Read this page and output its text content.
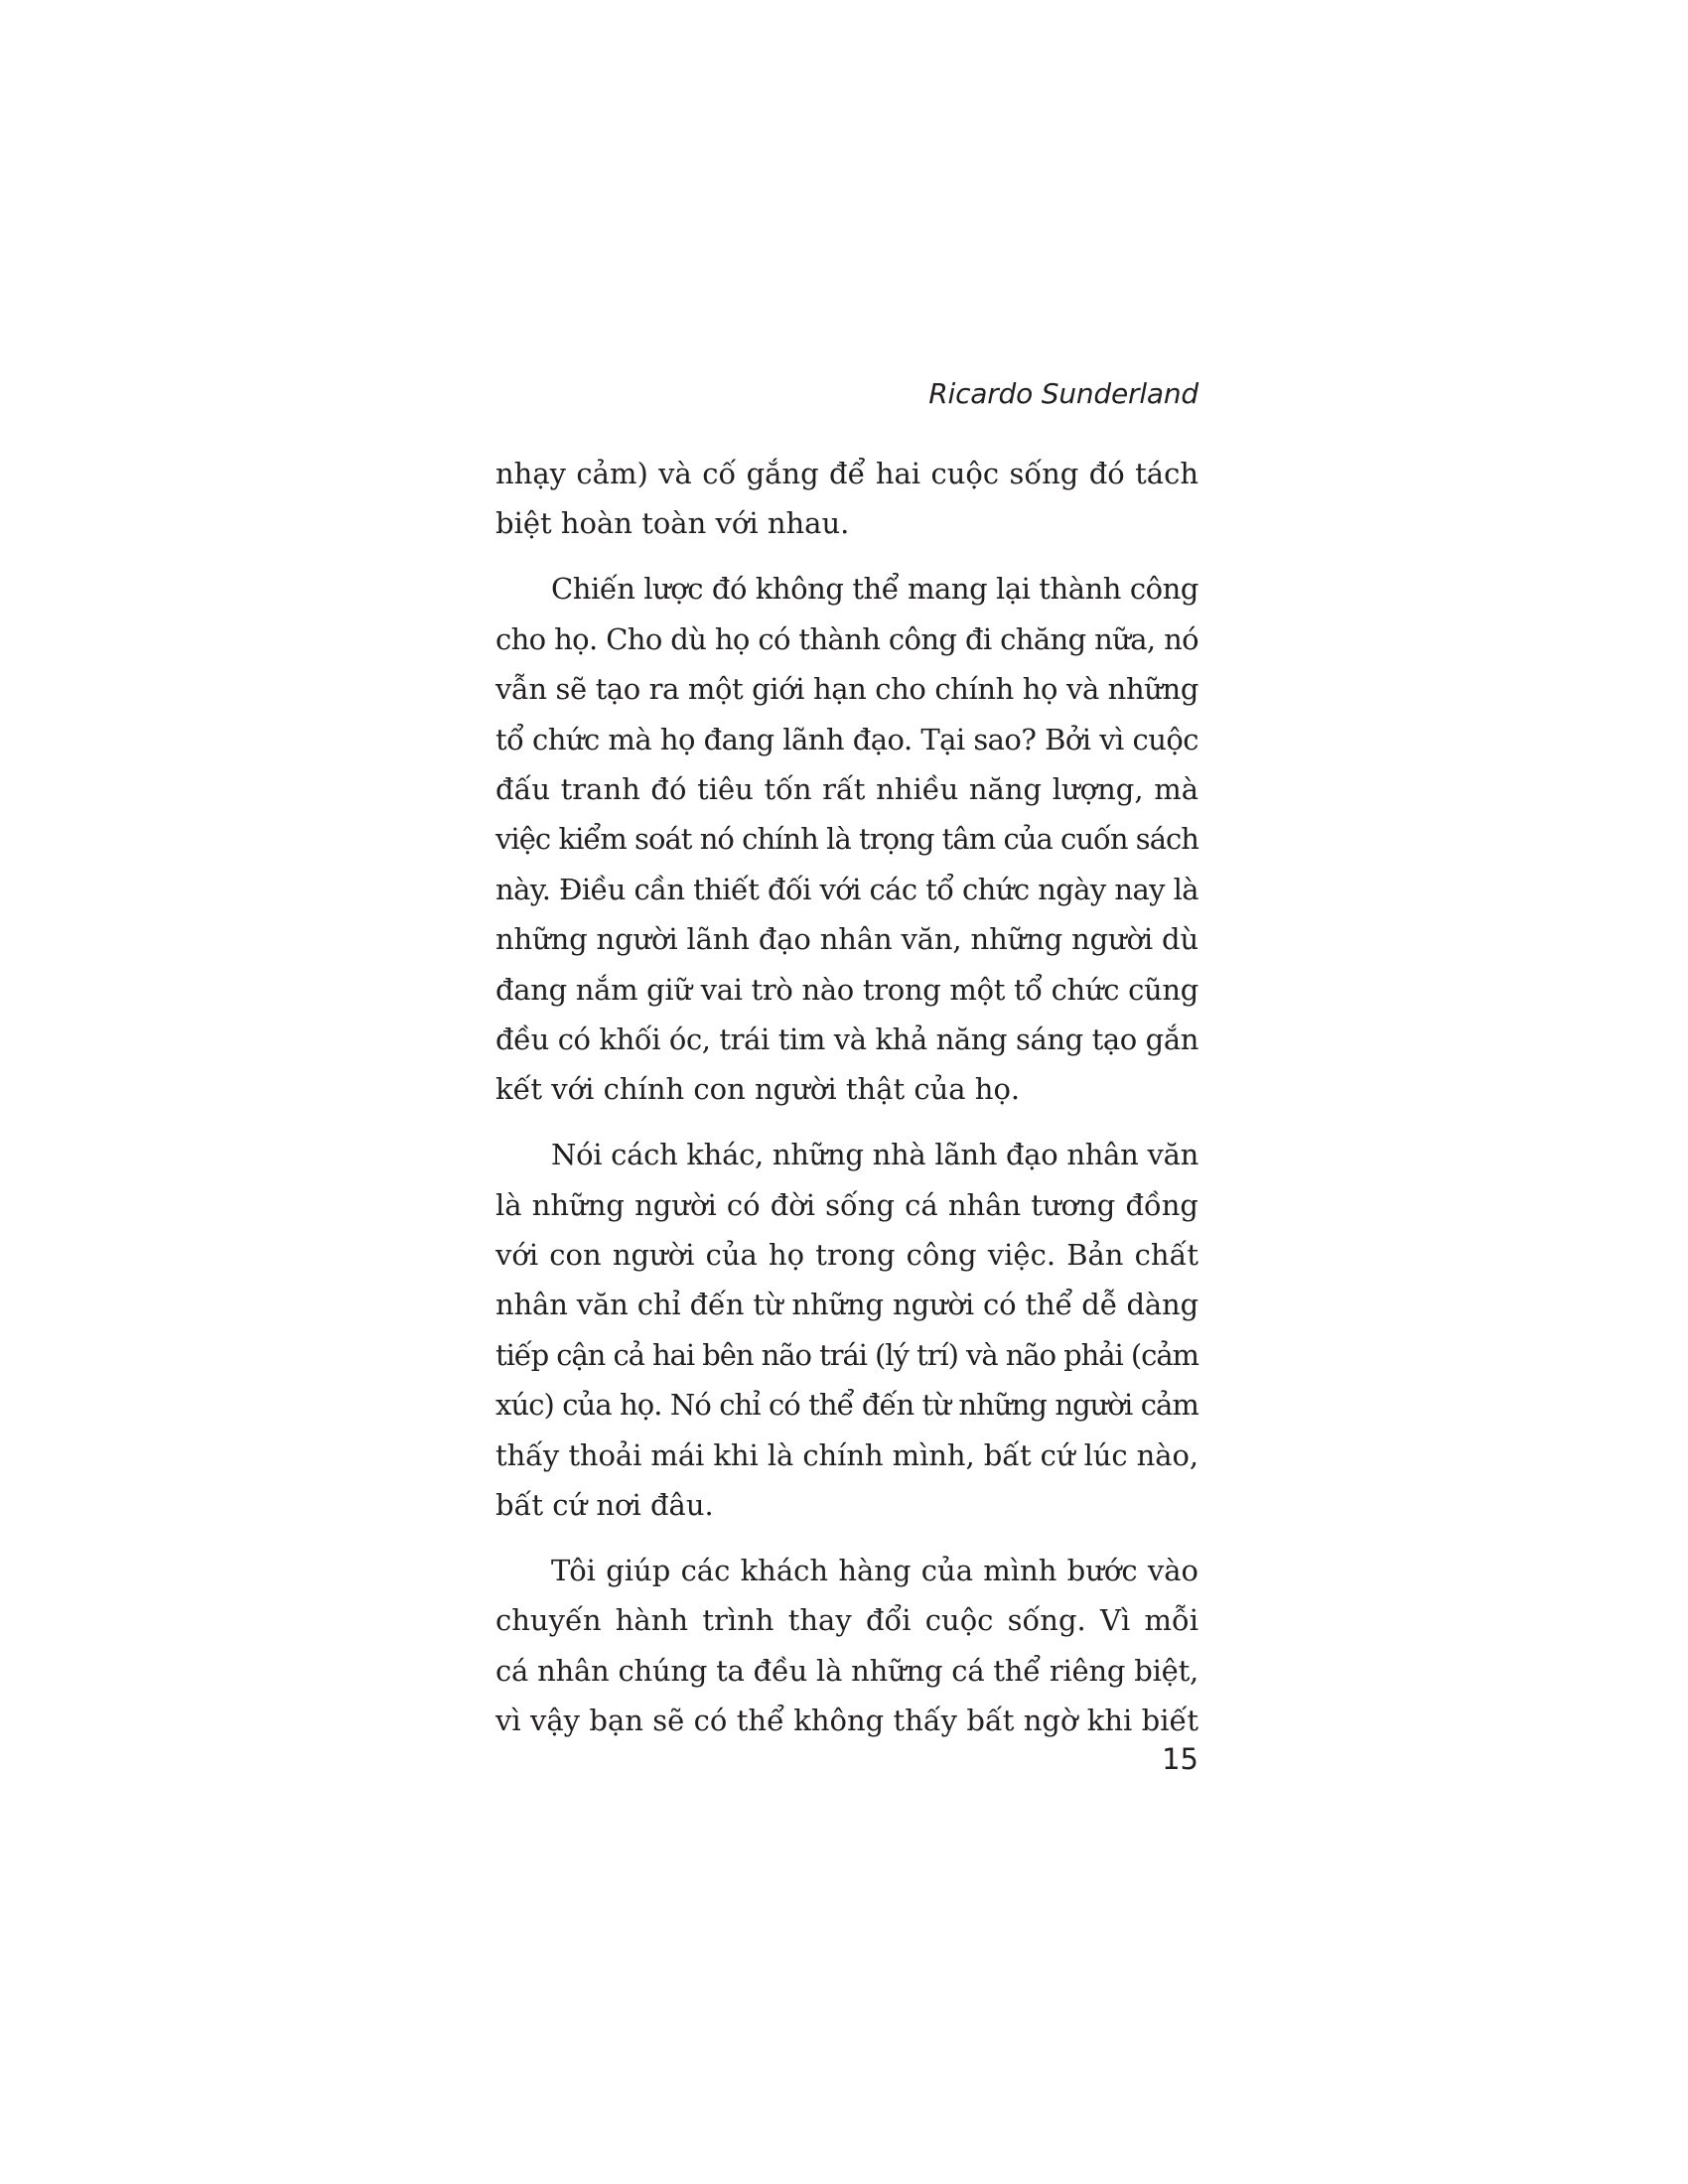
Ricardo Sunderland
nhạy cảm) và cố gắng để hai cuộc sống đó tách
biệt hoàn toàn với nhau.
Chiến lược đó không thể mang lại thành công
cho họ. Cho dù họ có thành công đi chăng nữa, nó
vẫn sẽ tạo ra một giới hạn cho chính họ và những
tổ chức mà họ đang lãnh đạo. Tại sao? Bởi vì cuộc
đấu tranh đó tiêu tốn rất nhiều năng lượng, mà
việc kiểm soát nó chính là trọng tâm của cuốn sách
này. Điều cần thiết đối với các tổ chức ngày nay là
những người lãnh đạo nhân văn, những người dù
đang nắm giữ vai trò nào trong một tổ chức cũng
đều có khối óc, trái tim và khả năng sáng tạo gắn
kết với chính con người thật của họ.
Nói cách khác, những nhà lãnh đạo nhân văn
là những người có đời sống cá nhân tương đồng
với con người của họ trong công việc. Bản chất
nhân văn chỉ đến từ những người có thể dễ dàng
tiếp cận cả hai bên não trái (lý trí) và não phải (cảm
xúc) của họ. Nó chỉ có thể đến từ những người cảm
thấy thoải mái khi là chính mình, bất cứ lúc nào,
bất cứ nơi đâu.
Tôi giúp các khách hàng của mình bước vào
chuyến hành trình thay đổi cuộc sống. Vì mỗi
cá nhân chúng ta đều là những cá thể riêng biệt,
vì vậy bạn sẽ có thể không thấy bất ngờ khi biết
15
